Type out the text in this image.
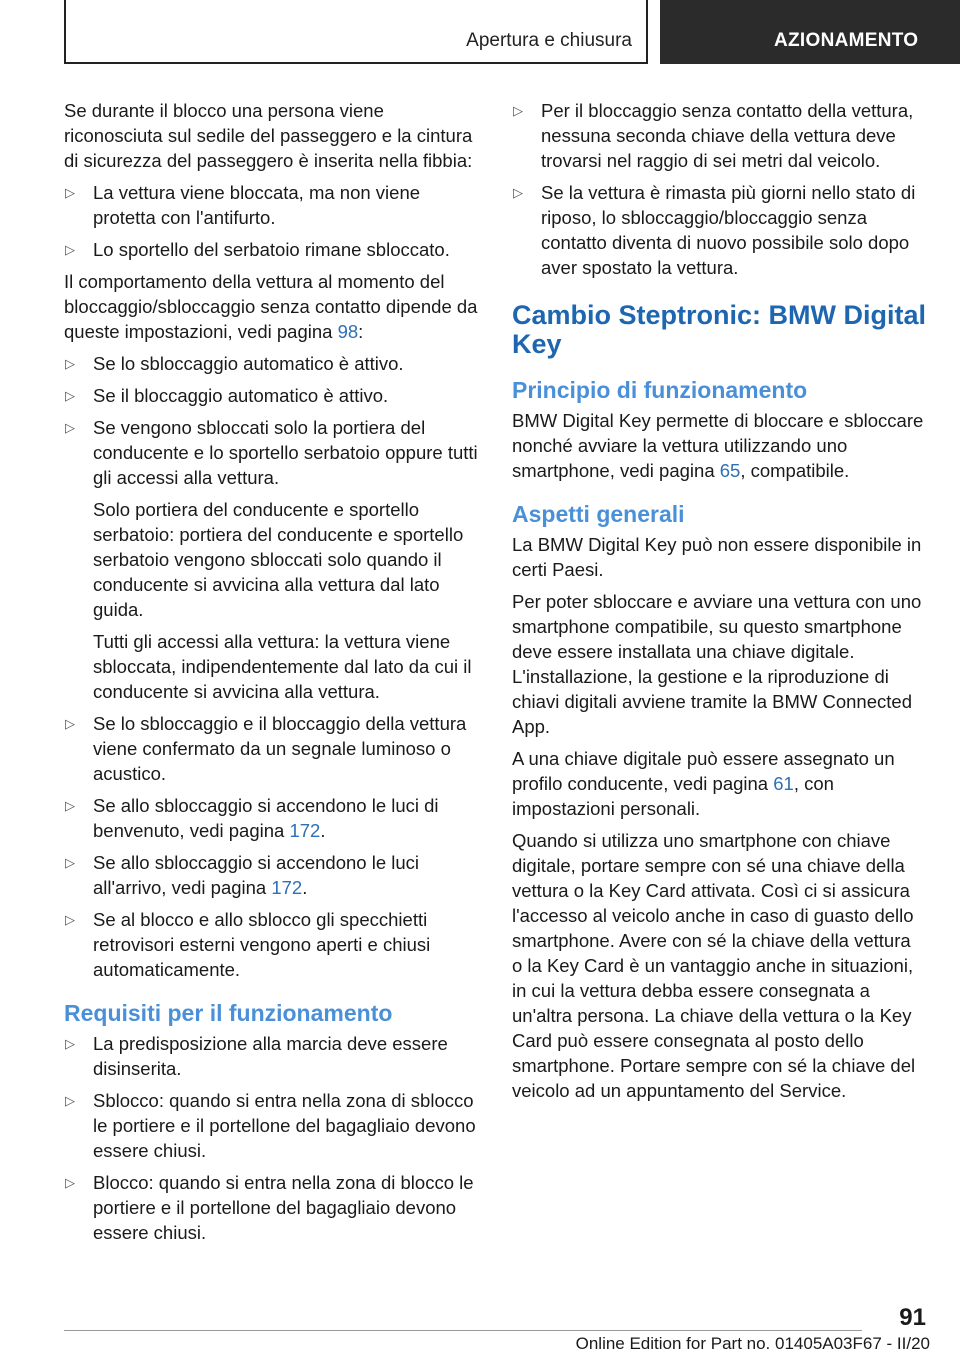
Apertura e chiusura	AZIONAMENTO

Se durante il blocco una persona viene riconosciuta sul sedile del passeggero e la cintura di sicurezza del passeggero è inserita nella fibbia:

▷ La vettura viene bloccata, ma non viene protetta con l'antifurto.
▷ Lo sportello del serbatoio rimane sbloccato.

Il comportamento della vettura al momento del bloccaggio/sbloccaggio senza contatto dipende da queste impostazioni, vedi pagina 98:

▷ Se lo sbloccaggio automatico è attivo.
▷ Se il bloccaggio automatico è attivo.
▷ Se vengono sbloccati solo la portiera del conducente e lo sportello serbatoio oppure tutti gli accessi alla vettura.
Solo portiera del conducente e sportello serbatoio: portiera del conducente e sportello serbatoio vengono sbloccati solo quando il conducente si avvicina alla vettura dal lato guida.
Tutti gli accessi alla vettura: la vettura viene sbloccata, indipendentemente dal lato da cui il conducente si avvicina alla vettura.
▷ Se lo sbloccaggio e il bloccaggio della vettura viene confermato da un segnale luminoso o acustico.
▷ Se allo sbloccaggio si accendono le luci di benvenuto, vedi pagina 172.
▷ Se allo sbloccaggio si accendono le luci all'arrivo, vedi pagina 172.
▷ Se al blocco e allo sblocco gli specchietti retrovisori esterni vengono aperti e chiusi automaticamente.
Requisiti per il funzionamento
▷ La predisposizione alla marcia deve essere disinserita.
▷ Sblocco: quando si entra nella zona di sblocco le portiere e il portellone del bagagliaio devono essere chiusi.
▷ Blocco: quando si entra nella zona di blocco le portiere e il portellone del bagagliaio devono essere chiusi.
▷ Per il bloccaggio senza contatto della vettura, nessuna seconda chiave della vettura deve trovarsi nel raggio di sei metri dal veicolo.
▷ Se la vettura è rimasta più giorni nello stato di riposo, lo sbloccaggio/bloccaggio senza contatto diventa di nuovo possibile solo dopo aver spostato la vettura.
Cambio Steptronic: BMW Digital Key
Principio di funzionamento

BMW Digital Key permette di bloccare e sbloccare nonché avviare la vettura utilizzando uno smartphone, vedi pagina 65, compatibile.

Aspetti generali

La BMW Digital Key può non essere disponibile in certi Paesi.

Per poter sbloccare e avviare una vettura con uno smartphone compatibile, su questo smartphone deve essere installata una chiave digitale. L'installazione, la gestione e la riproduzione di chiavi digitali avviene tramite la BMW Connected App.

A una chiave digitale può essere assegnato un profilo conducente, vedi pagina 61, con impostazioni personali.

Quando si utilizza uno smartphone con chiave digitale, portare sempre con sé una chiave della vettura o la Key Card attivata. Così ci si assicura l'accesso al veicolo anche in caso di guasto dello smartphone. Avere con sé la chiave della vettura o la Key Card è un vantaggio anche in situazioni, in cui la vettura debba essere consegnata a un'altra persona. La chiave della vettura o la Key Card può essere consegnata al posto dello smartphone. Portare sempre con sé la chiave del veicolo ad un appuntamento del Service.

91
Online Edition for Part no. 01405A03F67 - II/20
